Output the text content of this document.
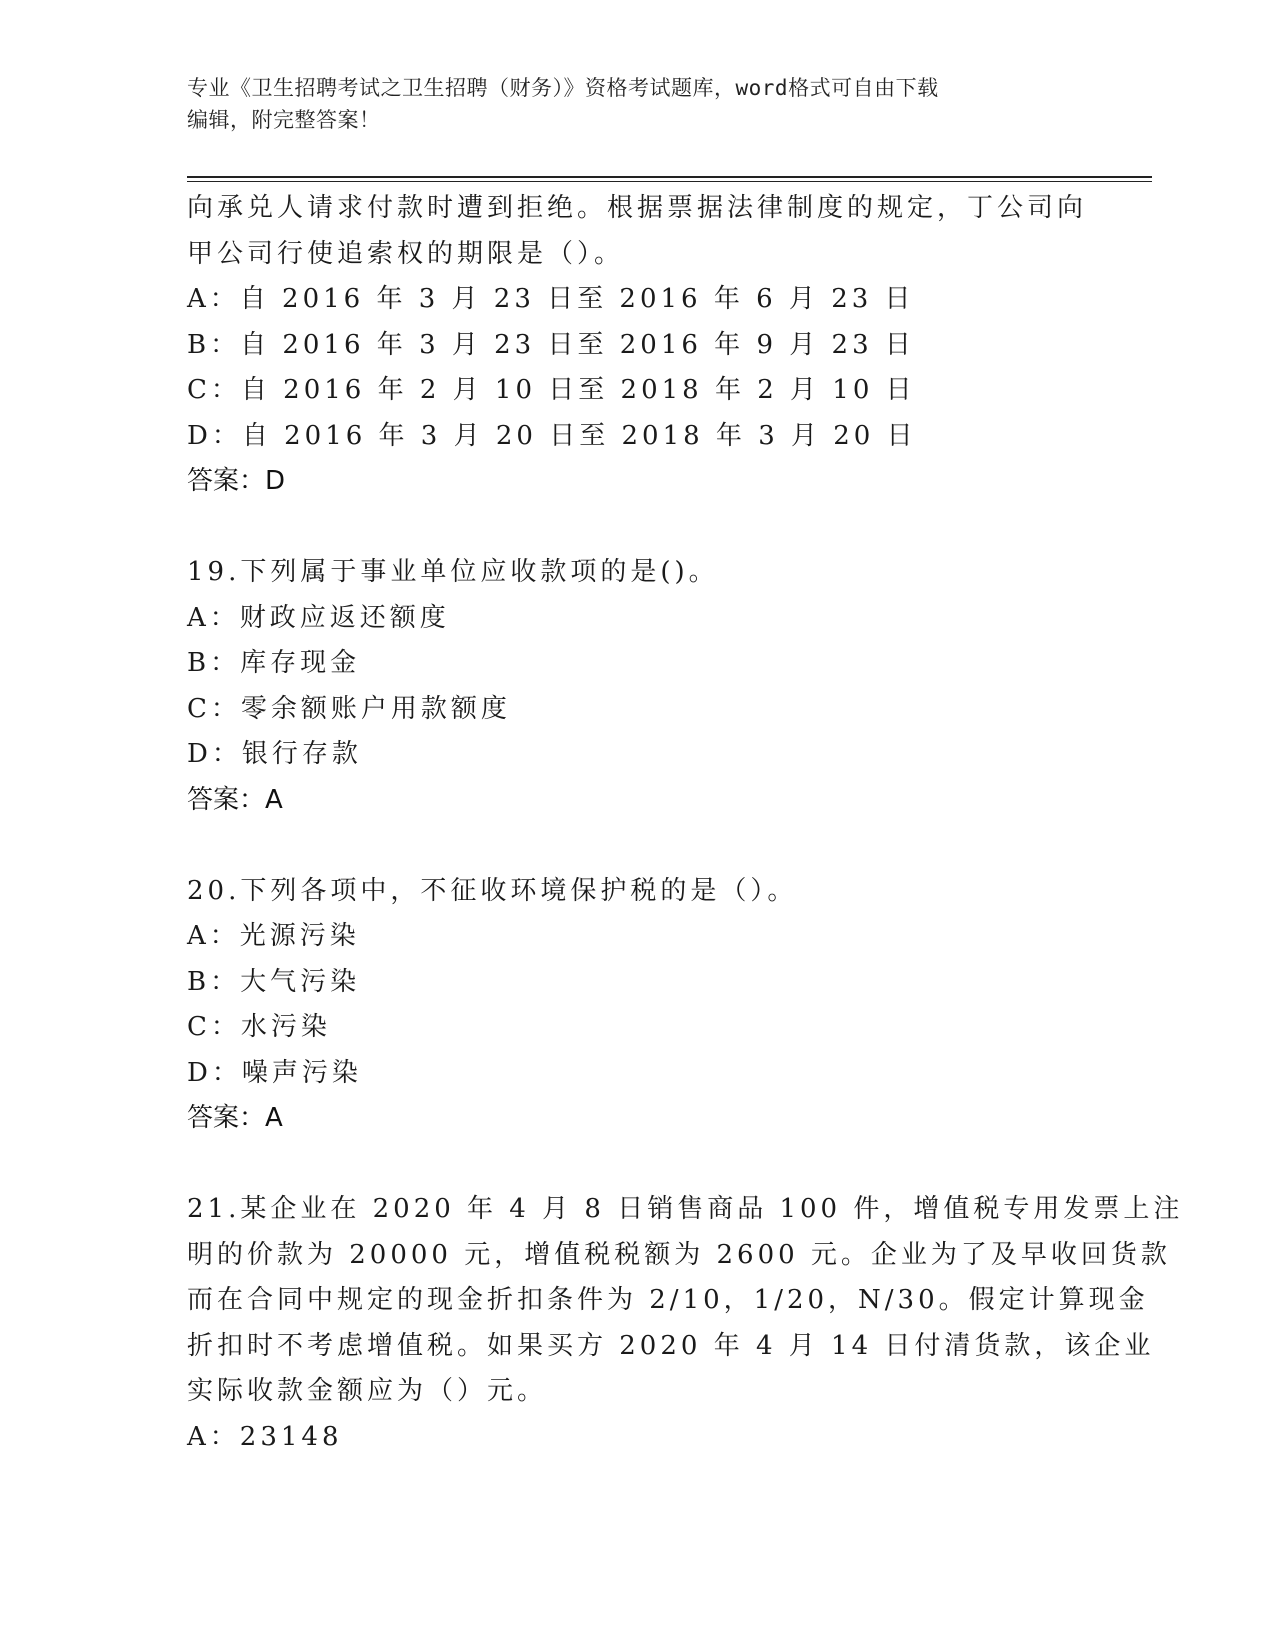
专业《卫生招聘考试之卫生招聘（财务）》资格考试题库，word格式可自由下载
编辑，附完整答案！
向承兑人请求付款时遭到拒绝。根据票据法律制度的规定，丁公司向
甲公司行使追索权的期限是（）。
A：自 2016 年 3 月 23 日至 2016 年 6 月 23 日
B：自 2016 年 3 月 23 日至 2016 年 9 月 23 日
C：自 2016 年 2 月 10 日至 2018 年 2 月 10 日
D：自 2016 年 3 月 20 日至 2018 年 3 月 20 日
答案：D
19.下列属于事业单位应收款项的是()。
A：财政应返还额度
B：库存现金
C：零余额账户用款额度
D：银行存款
答案：A
20.下列各项中，不征收环境保护税的是（）。
A：光源污染
B：大气污染
C：水污染
D：噪声污染
答案：A
21.某企业在 2020 年 4 月 8 日销售商品 100 件，增值税专用发票上注
明的价款为 20000 元，增值税税额为 2600 元。企业为了及早收回货款
而在合同中规定的现金折扣条件为 2/10，1/20，N/30。假定计算现金
折扣时不考虑增值税。如果买方 2020 年 4 月 14 日付清货款，该企业
实际收款金额应为（）元。
A：23148
